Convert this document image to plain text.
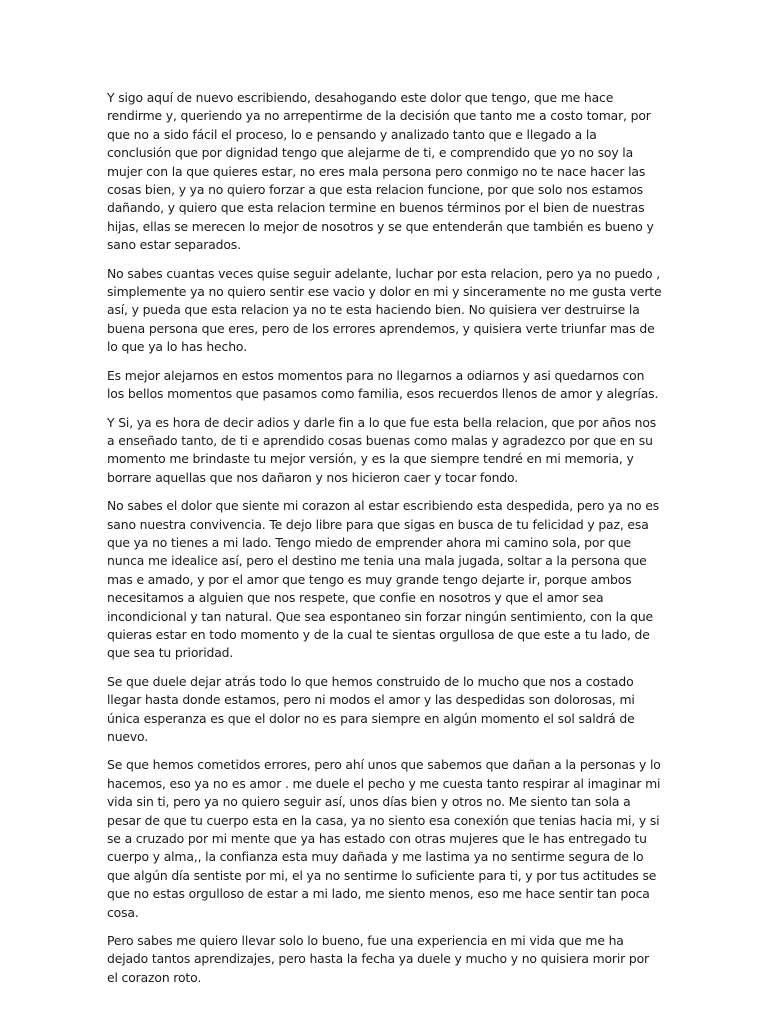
Y sigo aquí de nuevo escribiendo, desahogando este dolor que tengo, que me hace rendirme y, queriendo ya no arrepentirme de la decisión que tanto me a costo tomar, por que no a sido fácil el proceso, lo e pensando y analizado tanto que e llegado a la conclusión que por dignidad tengo que alejarme de ti, e comprendido que yo no soy la mujer con la que quieres estar, no eres mala persona pero conmigo no te nace hacer las cosas bien, y ya no quiero forzar a que esta relacion funcione, por que solo nos estamos dañando, y quiero que esta relacion termine en buenos términos por el bien de nuestras hijas, ellas se merecen lo mejor de nosotros y se que entenderán que también es bueno y sano estar separados.

No sabes cuantas veces quise seguir adelante, luchar por esta relacion, pero ya no puedo , simplemente ya no quiero sentir ese vacio y dolor en mi y sinceramente no me gusta verte así, y pueda que esta relacion ya no te esta haciendo bien. No quisiera ver destruirse la buena persona que eres, pero de los errores aprendemos, y quisiera verte triunfar mas de lo que ya lo has hecho.

Es mejor alejarnos en estos momentos para no llegarnos a odiarnos y asi quedarnos con los bellos momentos que pasamos como familia, esos recuerdos llenos de amor y alegrías.

Y Si, ya es hora de decir adios y darle fin a lo que fue esta bella relacion, que por años nos a enseñado tanto, de ti e aprendido cosas buenas como malas y agradezco por que en su momento me brindaste tu mejor versión, y es la que siempre tendré en mi memoria, y borrare aquellas que nos dañaron y nos hicieron caer y tocar fondo.

No sabes el dolor que siente mi corazon al estar escribiendo esta despedida, pero ya no es sano nuestra convivencia. Te dejo libre para que sigas en busca de tu felicidad y paz, esa que ya no tienes a mi lado. Tengo miedo de emprender ahora mi camino sola, por que nunca me idealice así, pero el destino me tenia una mala jugada, soltar a la persona que mas e amado, y por el amor que tengo es muy grande tengo dejarte ir, porque ambos necesitamos a alguien que nos respete, que confie en nosotros y que el amor sea incondicional y tan natural. Que sea espontaneo sin forzar ningún sentimiento, con la que quieras estar en todo momento y de la cual te sientas orgullosa de que este a tu lado, de que sea tu prioridad.

Se que duele dejar atrás todo lo que hemos construido de lo mucho que nos a costado llegar hasta donde estamos, pero ni modos el amor y las despedidas son dolorosas, mi única esperanza es que el dolor no es para siempre en algún momento el sol saldrá de nuevo.

Se que hemos cometidos errores, pero ahí unos que sabemos que dañan a la personas y lo hacemos, eso ya no es amor . me duele el pecho y me cuesta tanto respirar al imaginar mi vida sin ti, pero ya no quiero seguir así, unos días bien y otros no. Me siento tan sola a pesar de que tu cuerpo esta en la casa, ya no siento esa conexión que tenias hacia mi, y si se a cruzado por mi mente que ya has estado con otras mujeres que le has entregado tu cuerpo y alma,, la confianza esta muy dañada y me lastima ya no sentirme segura de lo que algún día sentiste por mi, el ya no sentirme lo suficiente para ti, y por tus actitudes se que no estas orgulloso de estar a mi lado, me siento menos, eso me hace sentir tan poca cosa.

Pero sabes me quiero llevar solo lo bueno, fue una experiencia en mi vida que me ha dejado tantos aprendizajes, pero hasta la fecha ya duele y mucho y no quisiera morir por el corazon roto.
